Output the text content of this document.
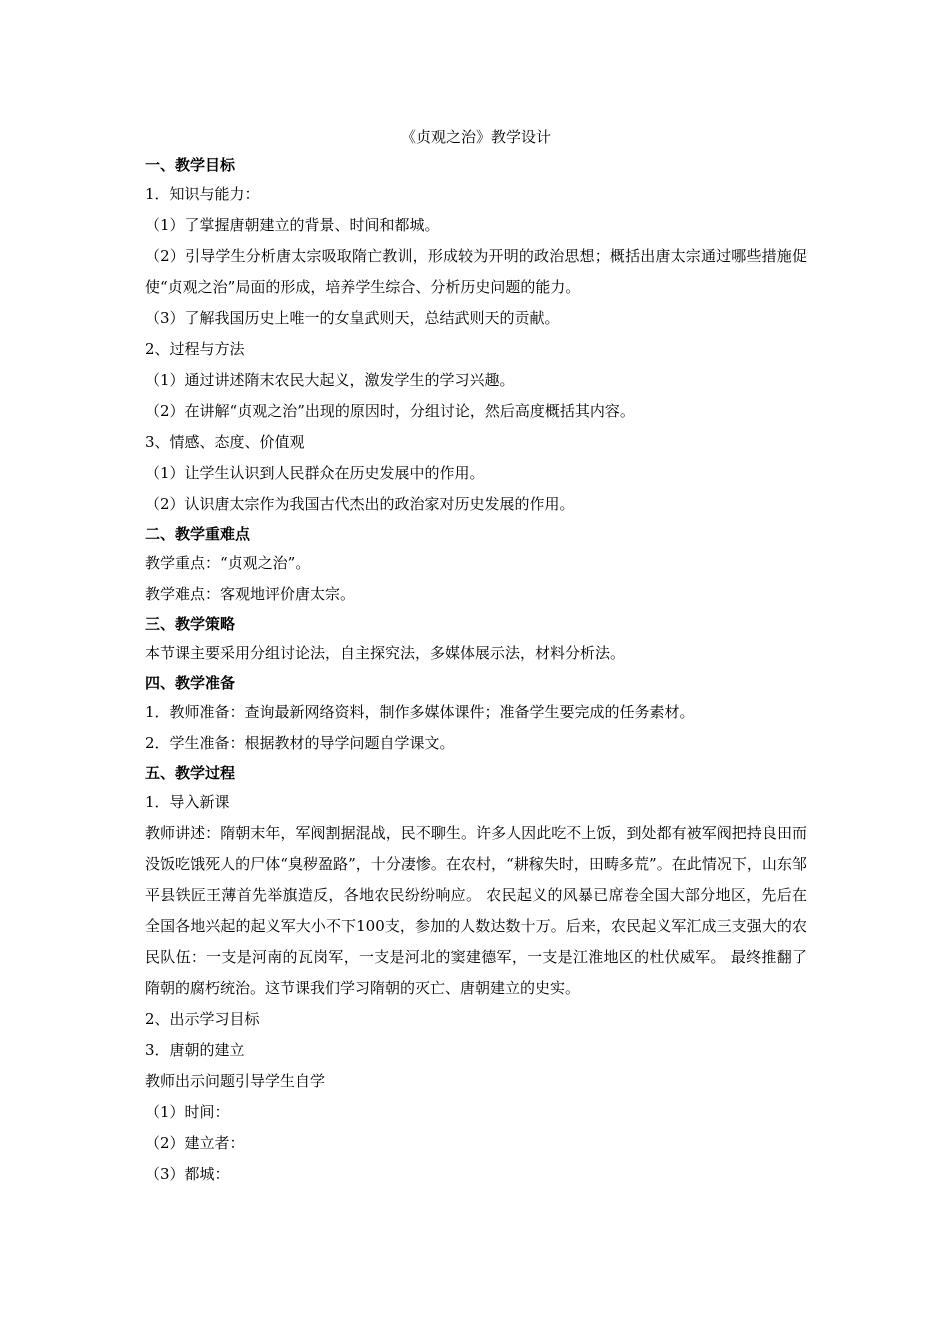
《贞观之治》教学设计
一、教学目标
1．知识与能力：
（1）了掌握唐朝建立的背景、时间和都城。
（2）引导学生分析唐太宗吸取隋亡教训，形成较为开明的政治思想；概括出唐太宗通过哪些措施促使“贞观之治”局面的形成，培养学生综合、分析历史问题的能力。
（3）了解我国历史上唯一的女皇武则天，总结武则天的贡献。
2、过程与方法
（1）通过讲述隋末农民大起义，激发学生的学习兴趣。
（2）在讲解“贞观之治”出现的原因时，分组讨论，然后高度概括其内容。
3、情感、态度、价值观
（1）让学生认识到人民群众在历史发展中的作用。
（2）认识唐太宗作为我国古代杰出的政治家对历史发展的作用。
二、教学重难点
教学重点：“贞观之治”。
教学难点：客观地评价唐太宗。
三、教学策略
本节课主要采用分组讨论法，自主探究法，多媒体展示法，材料分析法。
四、教学准备
1．教师准备：查询最新网络资料，制作多媒体课件；准备学生要完成的任务素材。
2．学生准备：根据教材的导学问题自学课文。
五、教学过程
1．导入新课
教师讲述：隋朝末年，军阀割据混战，民不聊生。许多人因此吃不上饭，到处都有被军阀把持良田而没饭吃饿死人的尸体“臭秽盈路”，十分凄惨。在农村，“耕稼失时，田畴多荒”。在此情况下，山东邹平县铁匠王薄首先举旗造反，各地农民纷纷响应。 农民起义的风暴已席卷全国大部分地区，先后在全国各地兴起的起义军大小不下100支，参加的人数达数十万。后来，农民起义军汇成三支强大的农民队伍：一支是河南的瓦岗军，一支是河北的窦建德军，一支是江淮地区的杜伏威军。 最终推翻了隋朝的腐朽统治。这节课我们学习隋朝的灭亡、唐朝建立的史实。
2、出示学习目标
3．唐朝的建立
教师出示问题引导学生自学
（1）时间：
（2）建立者：
（3）都城：
